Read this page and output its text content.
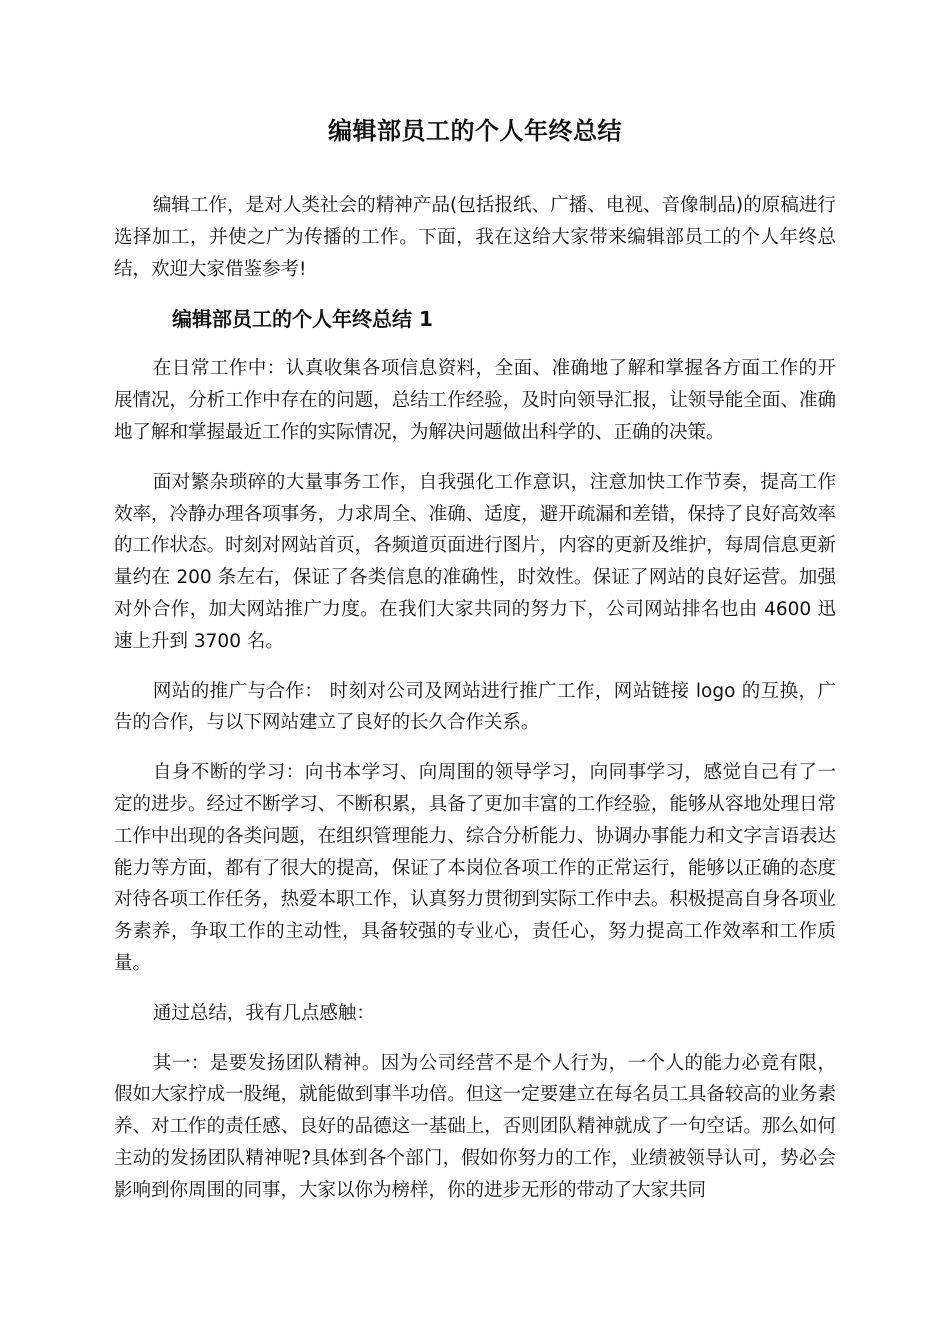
编辑部员工的个人年终总结

编辑工作，是对人类社会的精神产品(包括报纸、广播、电视、音像制品)的原稿进行选择加工，并使之广为传播的工作。下面，我在这给大家带来编辑部员工的个人年终总结，欢迎大家借鉴参考!

编辑部员工的个人年终总结 1

在日常工作中：认真收集各项信息资料，全面、准确地了解和掌握各方面工作的开展情况，分析工作中存在的问题，总结工作经验，及时向领导汇报，让领导能全面、准确地了解和掌握最近工作的实际情况，为解决问题做出科学的、正确的决策。

面对繁杂琐碎的大量事务工作，自我强化工作意识，注意加快工作节奏，提高工作效率，冷静办理各项事务，力求周全、准确、适度，避开疏漏和差错，保持了良好高效率的工作状态。时刻对网站首页，各频道页面进行图片，内容的更新及维护，每周信息更新量约在 200 条左右，保证了各类信息的准确性，时效性。保证了网站的良好运营。加强对外合作，加大网站推广力度。在我们大家共同的努力下，公司网站排名也由 4600 迅速上升到 3700 名。

网站的推广与合作： 时刻对公司及网站进行推广工作，网站链接 logo 的互换，广告的合作，与以下网站建立了良好的长久合作关系。

自身不断的学习：向书本学习、向周围的领导学习，向同事学习，感觉自己有了一定的进步。经过不断学习、不断积累，具备了更加丰富的工作经验，能够从容地处理日常工作中出现的各类问题，在组织管理能力、综合分析能力、协调办事能力和文字言语表达能力等方面，都有了很大的提高，保证了本岗位各项工作的正常运行，能够以正确的态度对待各项工作任务，热爱本职工作，认真努力贯彻到实际工作中去。积极提高自身各项业务素养，争取工作的主动性，具备较强的专业心，责任心，努力提高工作效率和工作质量。

通过总结，我有几点感触：

其一：是要发扬团队精神。因为公司经营不是个人行为，一个人的能力必竟有限，假如大家拧成一股绳，就能做到事半功倍。但这一定要建立在每名员工具备较高的业务素养、对工作的责任感、良好的品德这一基础上，否则团队精神就成了一句空话。那么如何主动的发扬团队精神呢?具体到各个部门，假如你努力的工作，业绩被领导认可，势必会影响到你周围的同事，大家以你为榜样，你的进步无形的带动了大家共同
